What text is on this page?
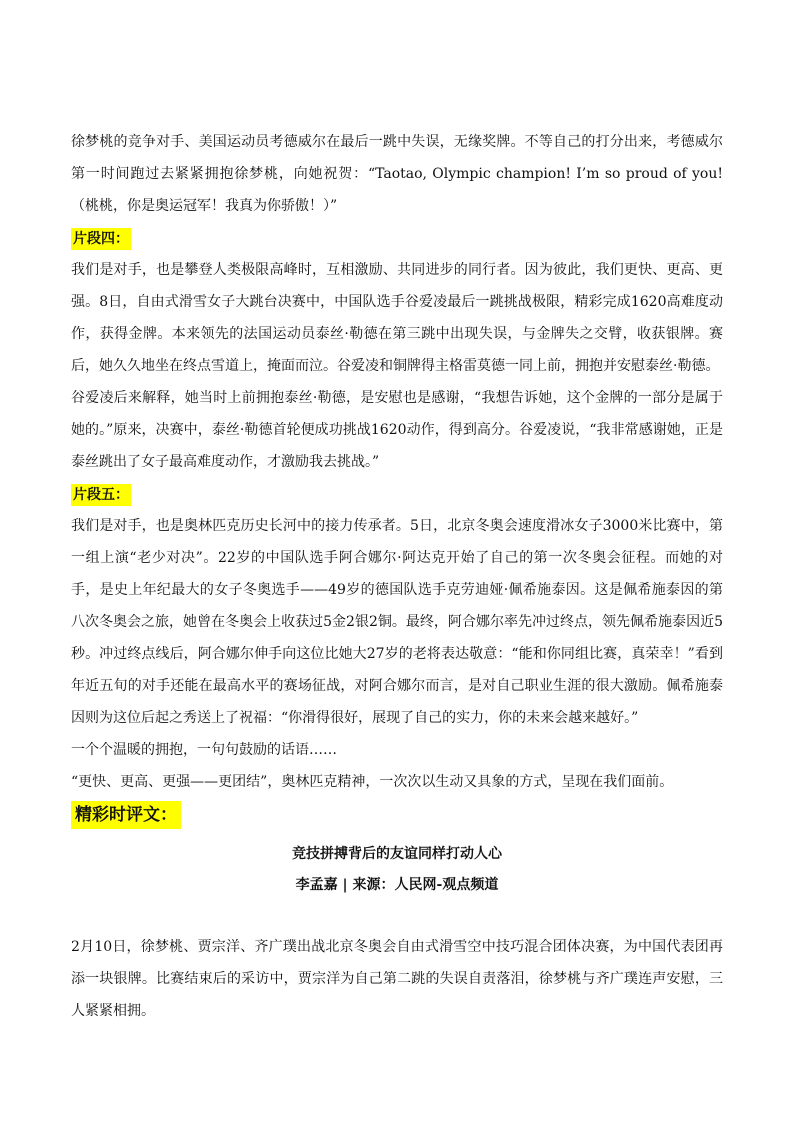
徐梦桃的竞争对手、美国运动员考德威尔在最后一跳中失误，无缘奖牌。不等自己的打分出来，考德威尔第一时间跑过去紧紧拥抱徐梦桃，向她祝贺：“Taotao, Olympic champion! I’m so proud of you!（桃桃，你是奥运冠军！我真为你骄傲！）”

片段四：

我们是对手，也是攀登人类极限高峰时，互相激励、共同进步的同行者。因为彼此，我们更快、更高、更强。8日，自由式滑雪女子大跳台决赛中，中国队选手谷爱凌最后一跳挑战极限，精彩完成1620高难度动作，获得金牌。本来领先的法国运动员泰丝·勒德在第三跳中出现失误，与金牌失之交臂，收获银牌。赛后，她久久地坐在终点雪道上，掩面而泣。谷爱凌和铜牌得主格雷莫德一同上前，拥抱并安慰泰丝·勒德。

谷爱凌后来解释，她当时上前拥抱泰丝·勒德，是安慰也是感谢，“我想告诉她，这个金牌的一部分是属于她的。”原来，决赛中，泰丝·勒德首轮便成功挑战1620动作，得到高分。谷爱凌说，“我非常感谢她，正是泰丝跳出了女子最高难度动作，才激励我去挑战。”

片段五：

我们是对手，也是奥林匹克历史长河中的接力传承者。5日，北京冬奥会速度滑冰女子3000米比赛中，第一组上演“老少对决”。22岁的中国队选手阿合娜尔·阿达克开始了自己的第一次冬奥会征程。而她的对手，是史上年纪最大的女子冬奥选手——49岁的德国队选手克劳迪娅·佩希施泰因。这是佩希施泰因的第八次冬奥会之旅，她曾在冬奥会上收获过5金2银2铜。最终，阿合娜尔率先冲过终点，领先佩希施泰因近5秒。冲过终点线后，阿合娜尔伸手向这位比她大27岁的老将表达敬意：“能和你同组比赛，真荣幸！”看到年近五旬的对手还能在最高水平的赛场征战，对阿合娜尔而言，是对自己职业生涯的很大激励。佩希施泰因则为这位后起之秀送上了祝福：“你滑得很好，展现了自己的实力，你的未来会越来越好。”

一个个温暖的拥抱，一句句鼓励的话语……

“更快、更高、更强——更团结”，奥林匹克精神，一次次以生动又具象的方式，呈现在我们面前。

精彩时评文：
竞技拼搏背后的友谊同样打动人心
李孟嘉 | 来源：人民网-观点频道

2月10日，徐梦桃、贾宗洋、齐广璞出战北京冬奥会自由式滑雪空中技巧混合团体决赛，为中国代表团再添一块银牌。比赛结束后的采访中，贾宗洋为自己第二跳的失误自责落泪，徐梦桃与齐广璞连声安慰，三人紧紧相拥。
